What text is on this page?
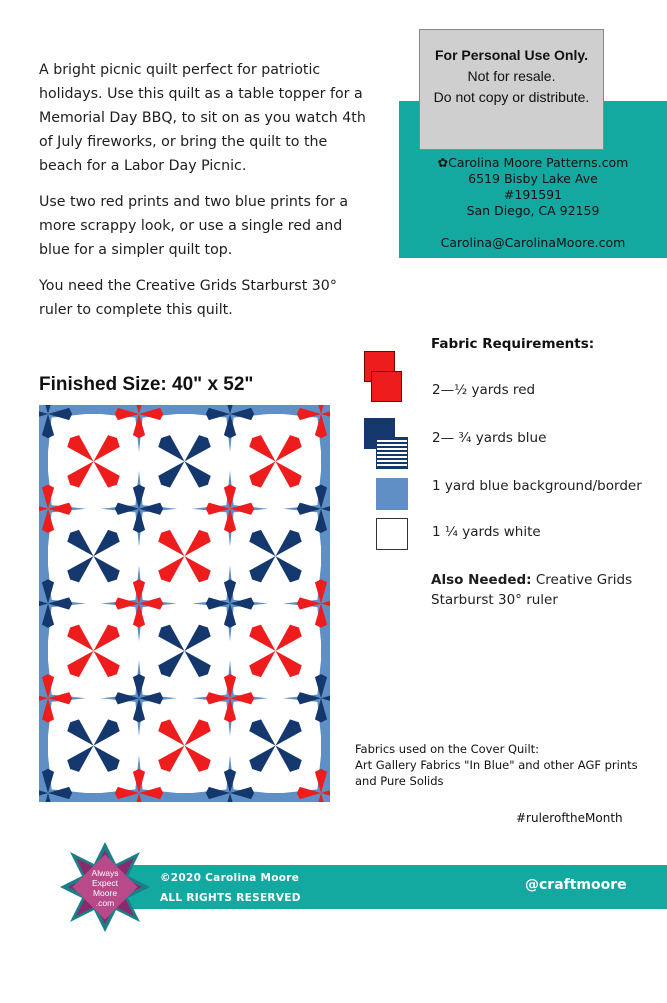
A bright picnic quilt perfect for patriotic holidays. Use this quilt as a table topper for a Memorial Day BBQ, to sit on as you watch 4th of July fireworks, or bring the quilt to the beach for a Labor Day Picnic.

Use two red prints and two blue prints for a more scrappy look, or use a single red and blue for a simpler quilt top.

You need the Creative Grids Starburst 30° ruler to complete this quilt.

For Personal Use Only.
Not for resale.
Do not copy or distribute.
✿Carolina Moore Patterns.com
6519 Bisby Lake Ave
#191591
San Diego, CA 92159
Carolina@CarolinaMoore.com
Finished Size: 40" x 52"
Fabric Requirements:
2—½ yards red
2— ¾ yards blue
1 yard blue background/border
1 ¼ yards white
Also Needed: Creative Grids Starburst 30° ruler
Fabrics used on the Cover Quilt:
Art Gallery Fabrics "In Blue" and other AGF prints and Pure Solids
#ruleroftheMonth
©2020 Carolina Moore
ALL RIGHTS RESERVED
@craftmoore
Always
Expect
Moore
.com
